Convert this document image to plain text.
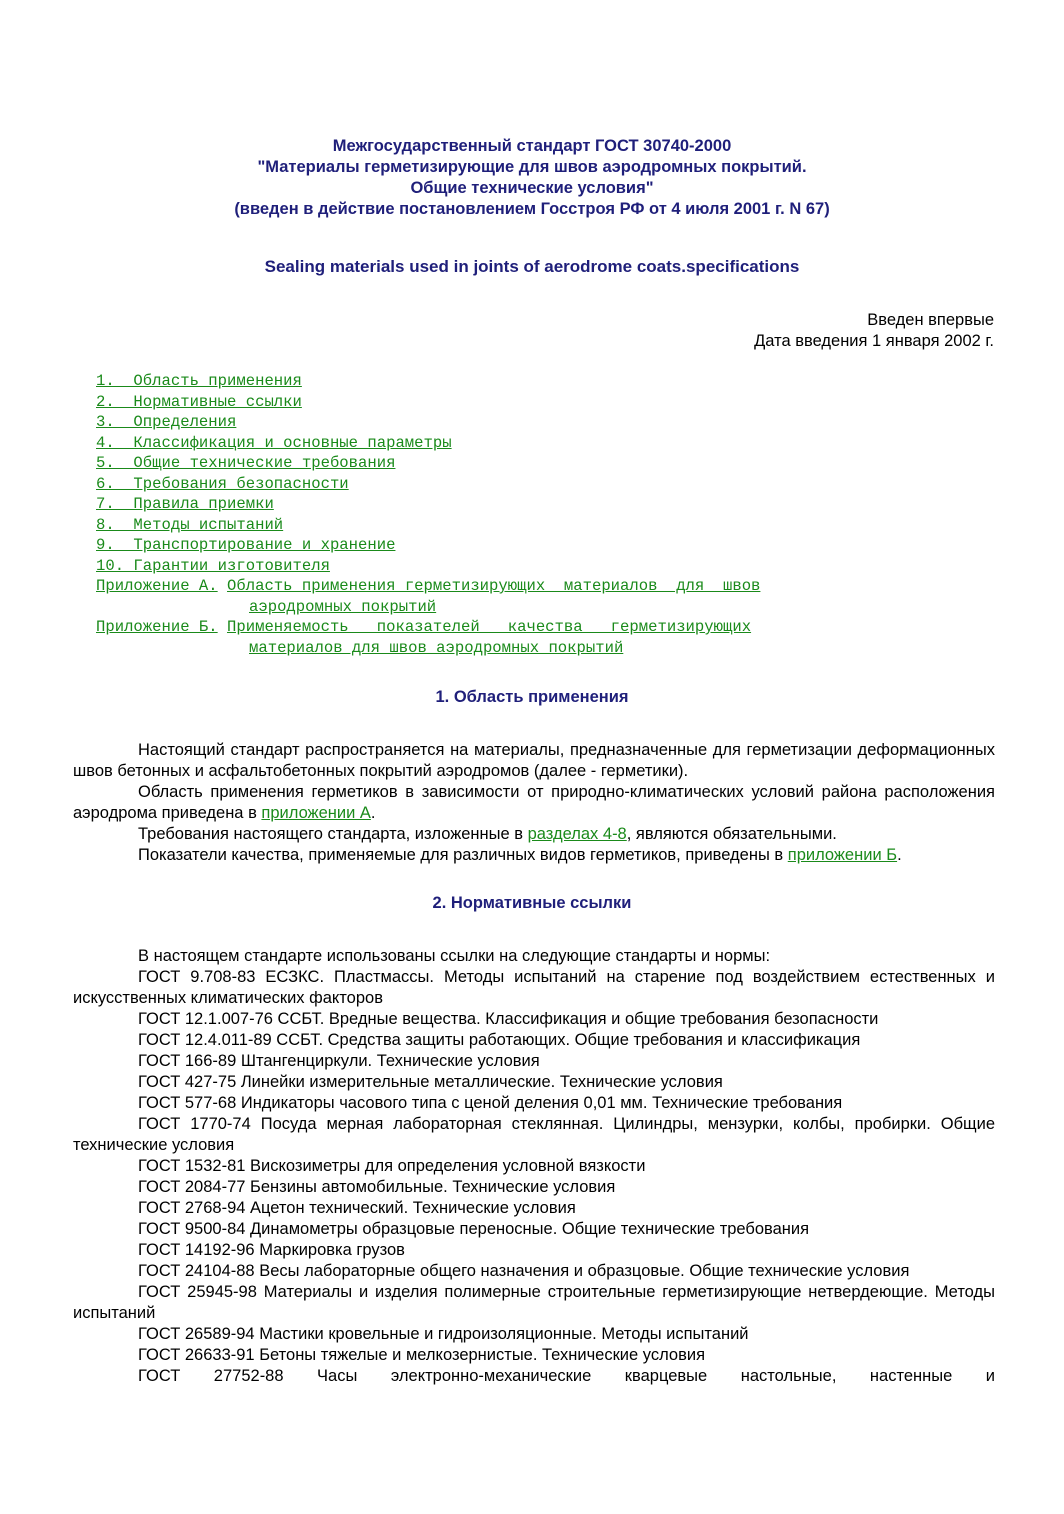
Межгосударственный стандарт ГОСТ 30740-2000
"Материалы герметизирующие для швов аэродромных покрытий.
Общие технические условия"
(введен в действие постановлением Госстроя РФ от 4 июля 2001 г. N 67)
Sealing materials used in joints of aerodrome coats.specifications
Введен впервые
Дата введения 1 января 2002 г.
1.  Область применения
2.  Нормативные ссылки
3.  Определения
4.  Классификация и основные параметры
5.  Общие технические требования
6.  Требования безопасности
7.  Правила приемки
8.  Методы испытаний
9.  Транспортирование и хранение
10. Гарантии изготовителя
Приложение А. Область применения герметизирующих  материалов  для  швов
аэродромных покрытий
Приложение Б. Применяемость   показателей   качества   герметизирующих
материалов для швов аэродромных покрытий
1. Область применения
Настоящий стандарт распространяется на материалы, предназначенные для герметизации деформационных швов бетонных и асфальтобетонных покрытий аэродромов (далее - герметики).
Область применения герметиков в зависимости от природно-климатических условий района расположения аэродрома приведена в приложении А.
Требования настоящего стандарта, изложенные в разделах 4-8, являются обязательными.
Показатели качества, применяемые для различных видов герметиков, приведены в приложении Б.
2. Нормативные ссылки
В настоящем стандарте использованы ссылки на следующие стандарты и нормы:
ГОСТ 9.708-83 ЕСЗКС. Пластмассы. Методы испытаний на старение под воздействием естественных и искусственных климатических факторов
ГОСТ 12.1.007-76 ССБТ. Вредные вещества. Классификация и общие требования безопасности
ГОСТ 12.4.011-89 ССБТ. Средства защиты работающих. Общие требования и классификация
ГОСТ 166-89 Штангенциркули. Технические условия
ГОСТ 427-75 Линейки измерительные металлические. Технические условия
ГОСТ 577-68 Индикаторы часового типа с ценой деления 0,01 мм. Технические требования
ГОСТ 1770-74 Посуда мерная лабораторная стеклянная. Цилиндры, мензурки, колбы, пробирки. Общие технические условия
ГОСТ 1532-81 Вискозиметры для определения условной вязкости
ГОСТ 2084-77 Бензины автомобильные. Технические условия
ГОСТ 2768-94 Ацетон технический. Технические условия
ГОСТ 9500-84 Динамометры образцовые переносные. Общие технические требования
ГОСТ 14192-96 Маркировка грузов
ГОСТ 24104-88 Весы лабораторные общего назначения и образцовые. Общие технические условия
ГОСТ 25945-98 Материалы и изделия полимерные строительные герметизирующие нетвердеющие. Методы испытаний
ГОСТ 26589-94 Мастики кровельные и гидроизоляционные. Методы испытаний
ГОСТ 26633-91 Бетоны тяжелые и мелкозернистые. Технические условия
ГОСТ 27752-88 Часы электронно-механические кварцевые настольные, настенные и
